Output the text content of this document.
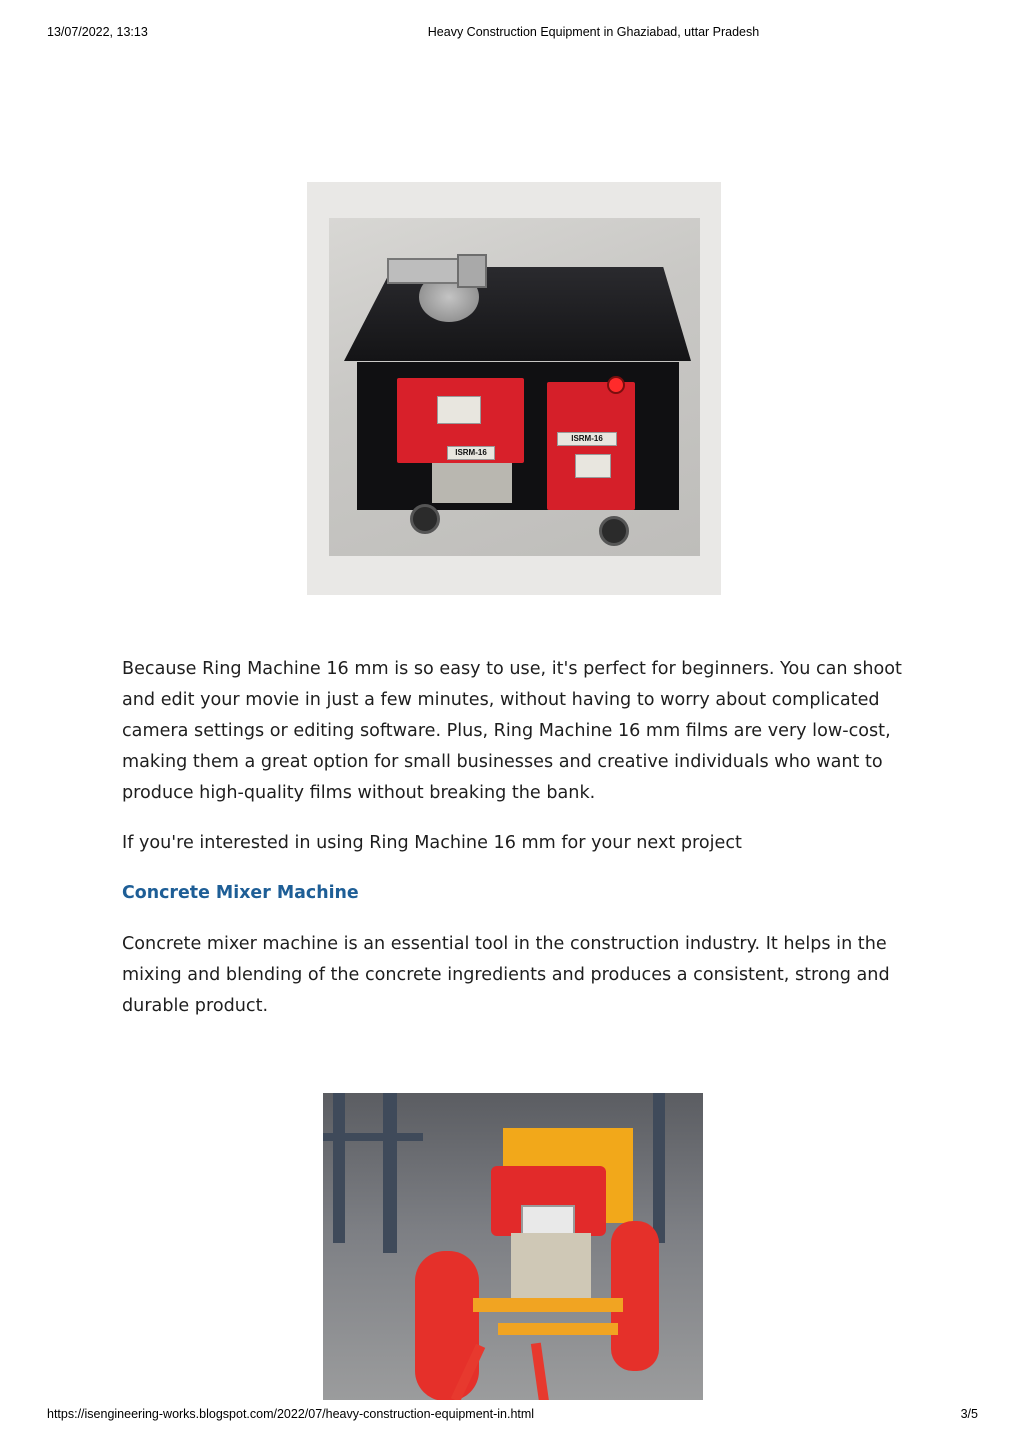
13/07/2022, 13:13	Heavy Construction Equipment in Ghaziabad, uttar Pradesh
ISRM-16
ISRM-16

Because Ring Machine 16 mm is so easy to use, it's perfect for beginners. You can shoot and edit your movie in just a few minutes, without having to worry about complicated camera settings or editing software. Plus, Ring Machine 16 mm films are very low-cost, making them a great option for small businesses and creative individuals who want to produce high-quality films without breaking the bank.

If you're interested in using Ring Machine 16 mm for your next project

Concrete Mixer Machine

Concrete mixer machine is an essential tool in the construction industry. It helps in the mixing and blending of the concrete ingredients and produces a consistent, strong and durable product.

https://isengineering-works.blogspot.com/2022/07/heavy-construction-equipment-in.html	3/5
